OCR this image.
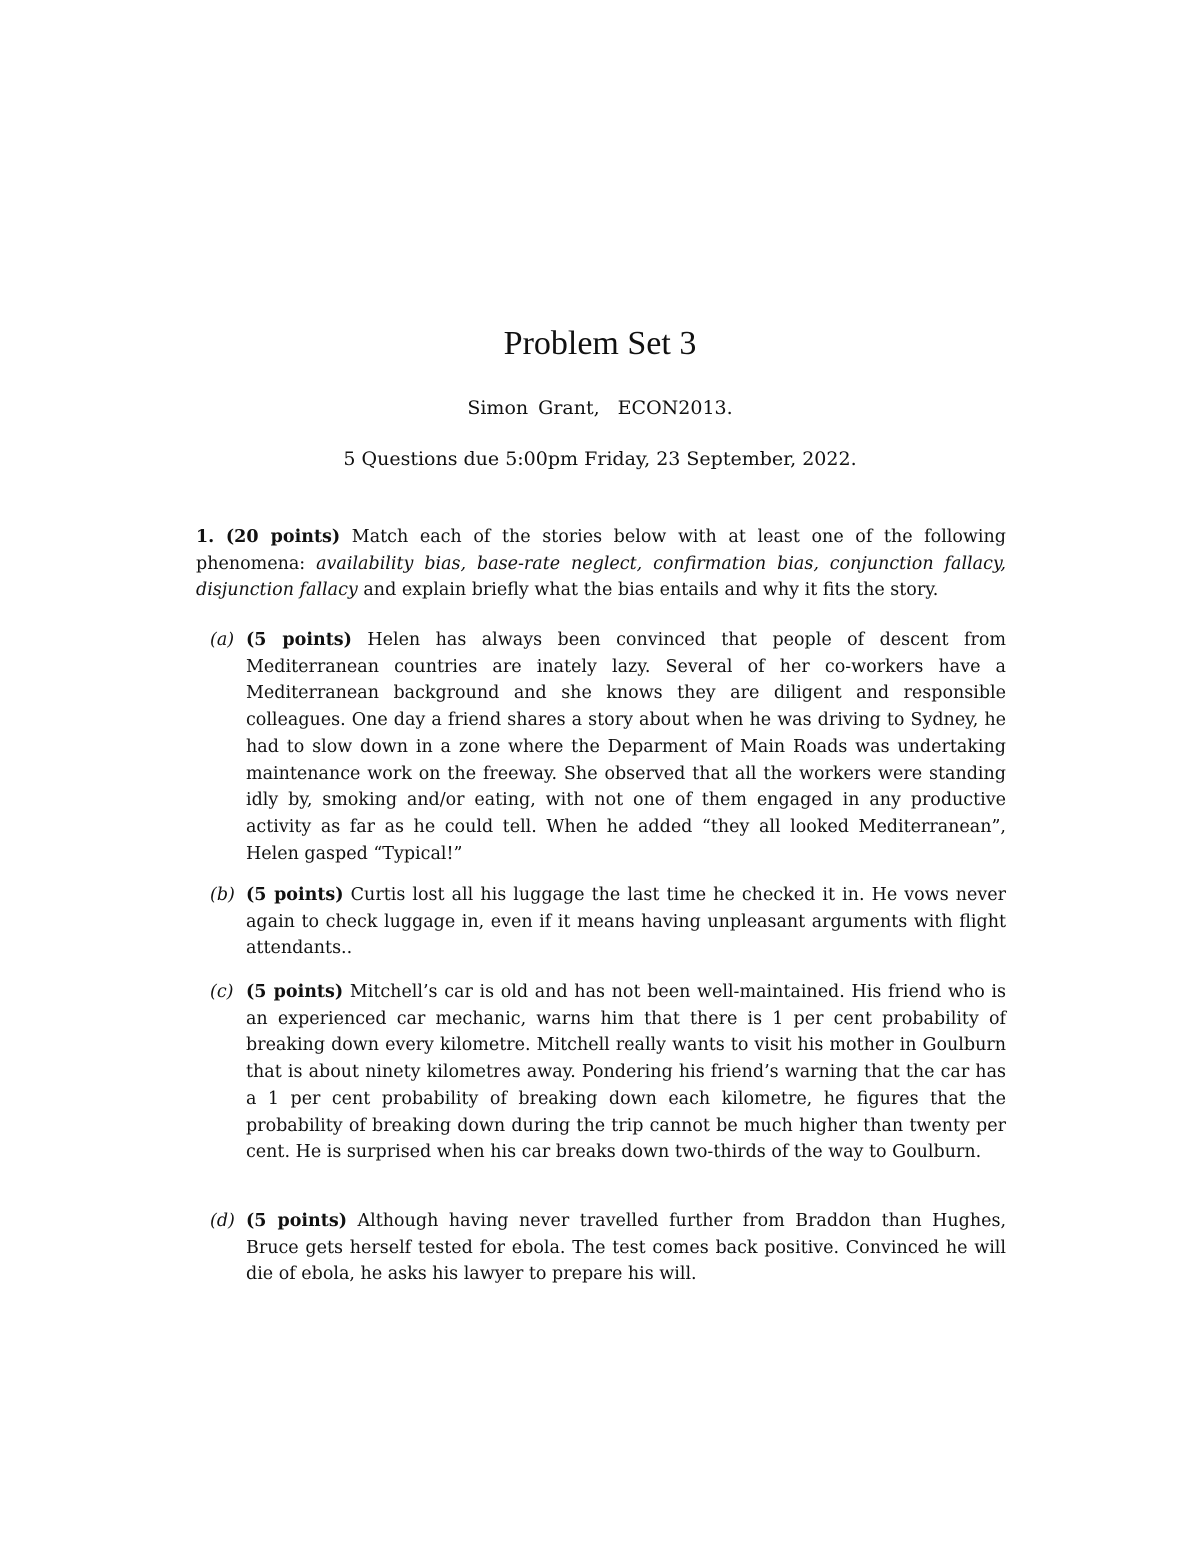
Problem Set 3
Simon Grant, ECON2013.
5 Questions due 5:00pm Friday, 23 September, 2022.
1. (20 points) Match each of the stories below with at least one of the following phenomena: availability bias, base-rate neglect, confirmation bias, conjunction fallacy, disjunction fallacy and explain briefly what the bias entails and why it fits the story.
(a) (5 points) Helen has always been convinced that people of descent from Mediterranean countries are inately lazy. Several of her co-workers have a Mediterranean background and she knows they are diligent and responsible colleagues. One day a friend shares a story about when he was driving to Sydney, he had to slow down in a zone where the Deparment of Main Roads was undertaking maintenance work on the freeway. She observed that all the workers were standing idly by, smoking and/or eating, with not one of them engaged in any productive activity as far as he could tell. When he added “they all looked Mediterranean”, Helen gasped “Typical!”
(b) (5 points) Curtis lost all his luggage the last time he checked it in. He vows never again to check luggage in, even if it means having unpleasant arguments with flight attendants..
(c) (5 points) Mitchell’s car is old and has not been well-maintained. His friend who is an experienced car mechanic, warns him that there is 1 per cent probability of breaking down every kilometre. Mitchell really wants to visit his mother in Goulburn that is about ninety kilometres away. Pondering his friend’s warning that the car has a 1 per cent probability of breaking down each kilometre, he figures that the probability of breaking down during the trip cannot be much higher than twenty per cent. He is surprised when his car breaks down two-thirds of the way to Goulburn.
(d) (5 points) Although having never travelled further from Braddon than Hughes, Bruce gets herself tested for ebola. The test comes back positive. Convinced he will die of ebola, he asks his lawyer to prepare his will.
